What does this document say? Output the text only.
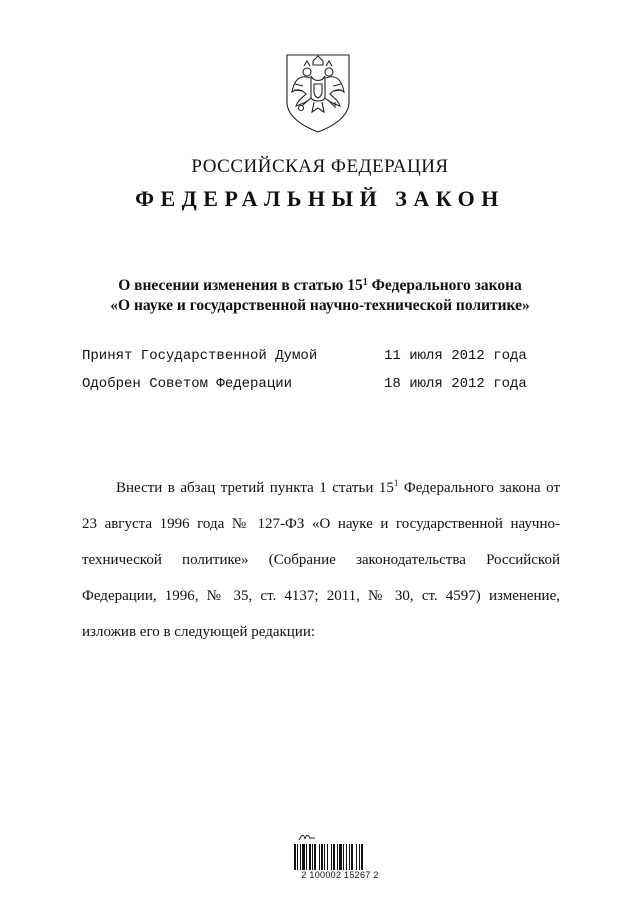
РОССИЙСКАЯ ФЕДЕРАЦИЯ
ФЕДЕРАЛЬНЫЙ ЗАКОН
О внесении изменения в статью $15^1$ Федерального закона
«О науке и государственной научно-технической политике»
Принят Государственной Думой	11 июля 2012 года
Одобрен Советом Федерации	18 июля 2012 года

Внести в абзац третий пункта 1 статьи $15^1$ Федерального закона от 23 августа 1996 года № 127-ФЗ «О науке и государственной научно-технической политике» (Собрание законодательства Российской Федерации, 1996, № 35, ст. 4137; 2011, № 30, ст. 4597) изменение, изложив его в следующей редакции:

2 100002 15267 2
